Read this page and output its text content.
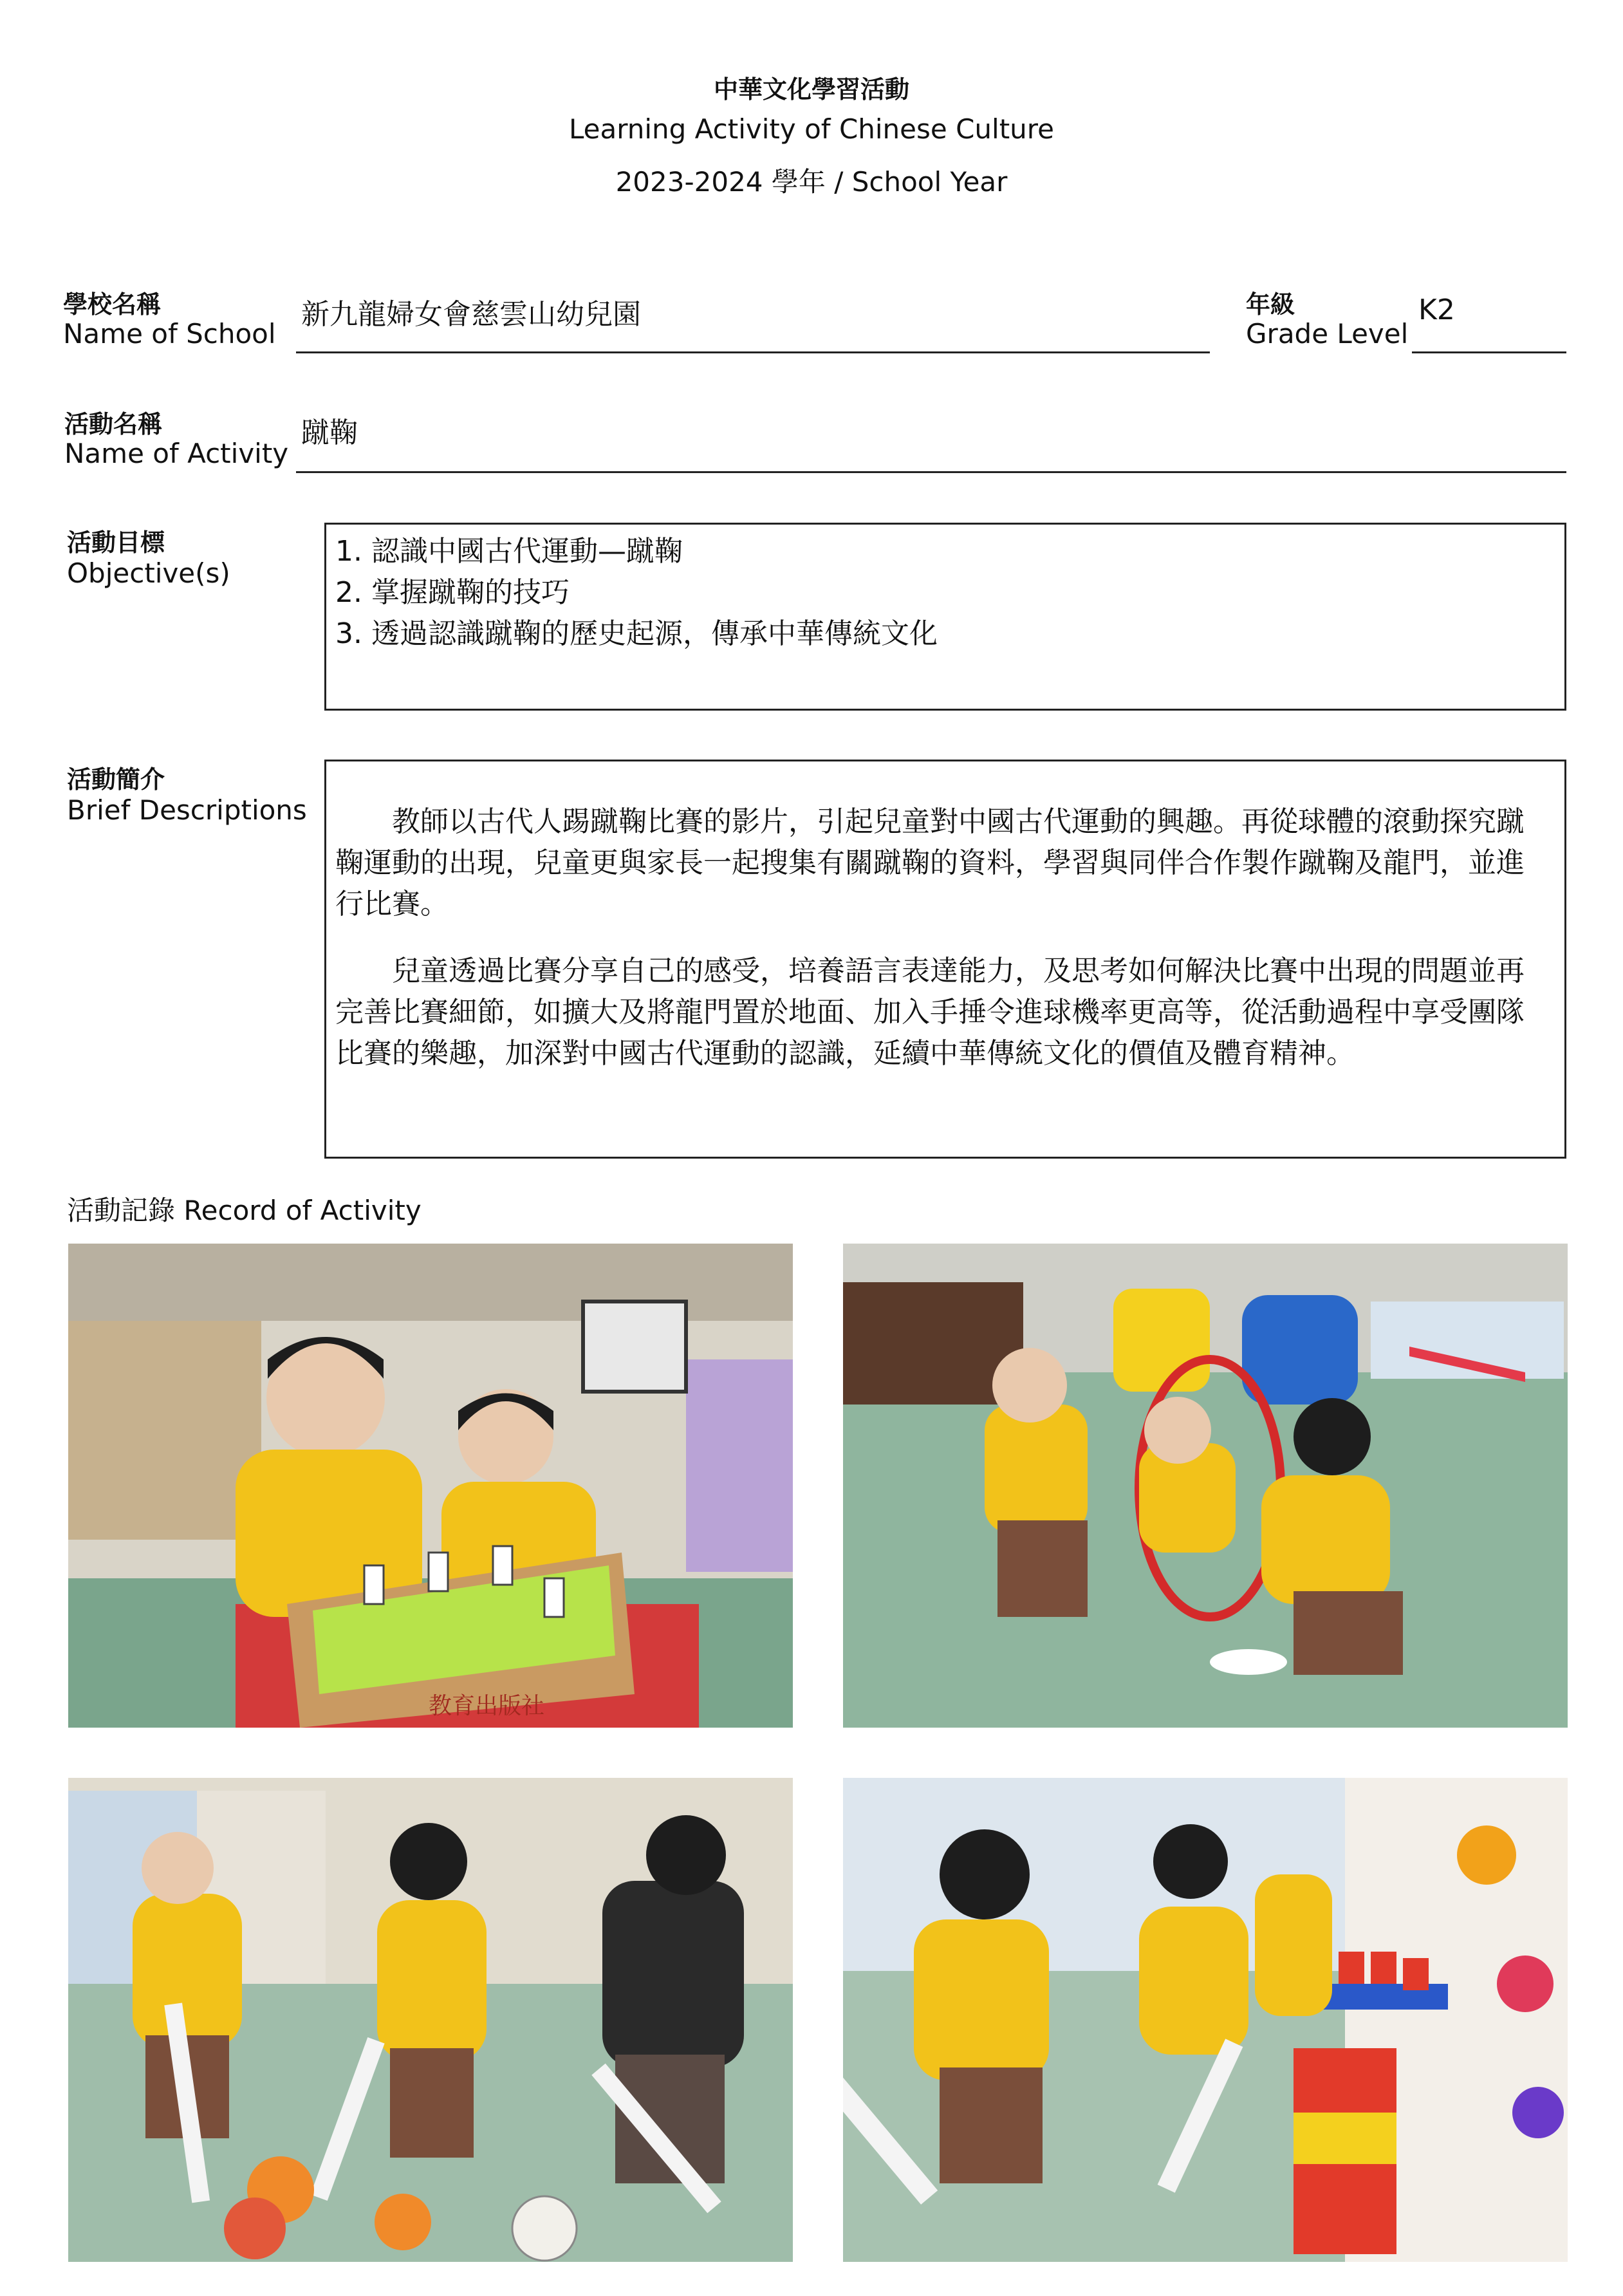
中華文化學習活動
Learning Activity of Chinese Culture
2023-2024 學年 / School Year
學校名稱
Name of School
新九龍婦女會慈雲山幼兒園	年級
Grade Level
K2
活動名稱
Name of Activity
蹴鞠
活動目標
Objective(s)
1. 認識中國古代運動—蹴鞠
2. 掌握蹴鞠的技巧
3. 透過認識蹴鞠的歷史起源，傳承中華傳統文化
活動簡介
Brief Descriptions	教師以古代人踢蹴鞠比賽的影片，引起兒童對中國古代運動的興趣。再從球體的滾動探究蹴鞠運動的出現，兒童更與家長一起搜集有關蹴鞠的資料，學習與同伴合作製作蹴鞠及龍門，並進行比賽。

兒童透過比賽分享自己的感受，培養語言表達能力，及思考如何解決比賽中出現的問題並再完善比賽細節，如擴大及將龍門置於地面、加入手捶令進球機率更高等，從活動過程中享受團隊比賽的樂趣，加深對中國古代運動的認識，延續中華傳統文化的價值及體育精神。

活動記錄 Record of Activity
教育出版社
